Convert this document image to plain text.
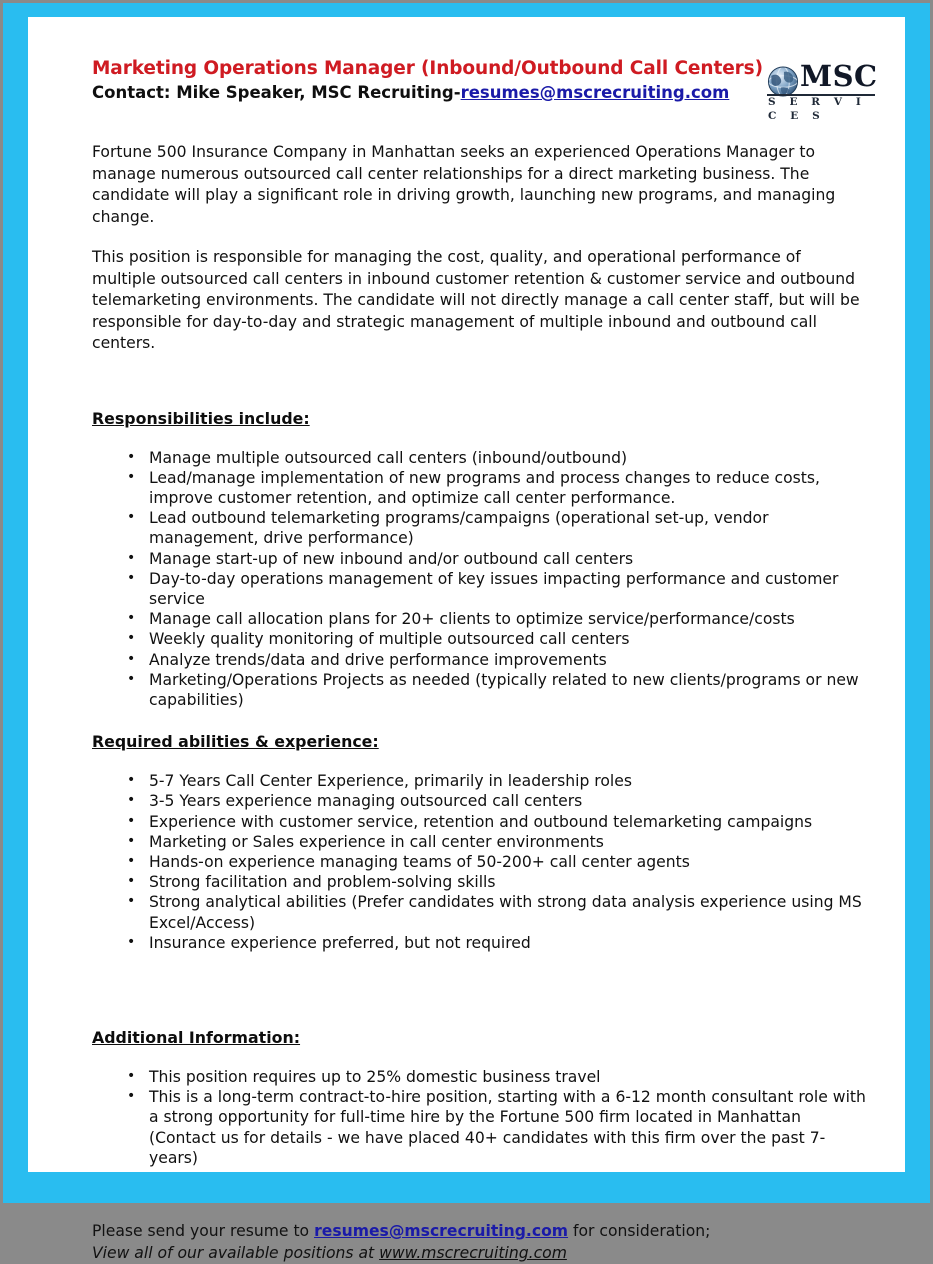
Marketing Operations Manager (Inbound/Outbound Call Centers)
Contact: Mike Speaker, MSC Recruiting-resumes@mscrecruiting.com	MSC
S E R V I C E S

Fortune 500 Insurance Company in Manhattan seeks an experienced Operations Manager to manage numerous outsourced call center relationships for a direct marketing business. The candidate will play a significant role in driving growth, launching new programs, and managing change.

This position is responsible for managing the cost, quality, and operational performance of multiple outsourced call centers in inbound customer retention & customer service and outbound telemarketing environments. The candidate will not directly manage a call center staff, but will be responsible for day-to-day and strategic management of multiple inbound and outbound call centers.

Responsibilities include:
• Manage multiple outsourced call centers (inbound/outbound)
• Lead/manage implementation of new programs and process changes to reduce costs, improve customer retention, and optimize call center performance.
• Lead outbound telemarketing programs/campaigns (operational set-up, vendor management, drive performance)
• Manage start-up of new inbound and/or outbound call centers
• Day-to-day operations management of key issues impacting performance and customer service
• Manage call allocation plans for 20+ clients to optimize service/performance/costs
• Weekly quality monitoring of multiple outsourced call centers
• Analyze trends/data and drive performance improvements
• Marketing/Operations Projects as needed (typically related to new clients/programs or new capabilities)
Required abilities & experience:
• 5-7 Years Call Center Experience, primarily in leadership roles
• 3-5 Years experience managing outsourced call centers
• Experience with customer service, retention and outbound telemarketing campaigns
• Marketing or Sales experience in call center environments
• Hands-on experience managing teams of 50-200+ call center agents
• Strong facilitation and problem-solving skills
• Strong analytical abilities (Prefer candidates with strong data analysis experience using MS Excel/Access)
• Insurance experience preferred, but not required
Additional Information:
• This position requires up to 25% domestic business travel
• This is a long-term contract-to-hire position, starting with a 6-12 month consultant role with a strong opportunity for full-time hire by the Fortune 500 firm located in Manhattan (Contact us for details - we have placed 40+ candidates with this firm over the past 7-years)
Please send your resume to resumes@mscrecruiting.com for consideration;
View all of our available positions at www.mscrecruiting.com
